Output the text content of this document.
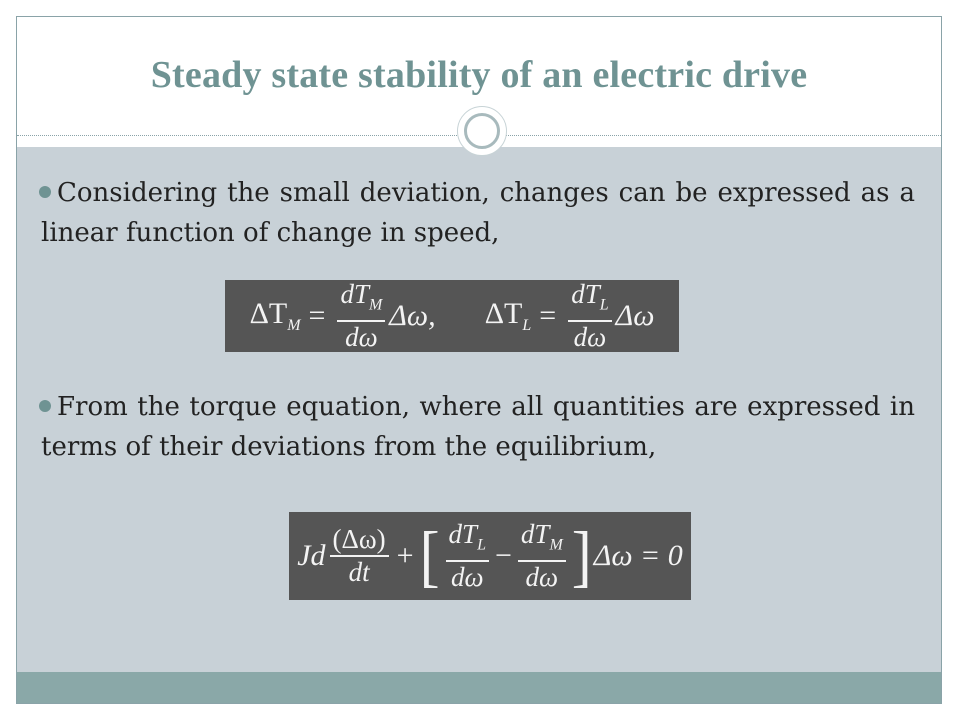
Steady state stability of an electric drive
Considering the small deviation, changes can be expressed as a linear function of change in speed,
$\Delta T_M = \frac{dT_M}{d\omega} \Delta\omega$, $\Delta T_L = \frac{dT_L}{d\omega}$ Δω
From the torque equation, where all quantities are expressed in terms of their deviations from the equilibrium,
Jd $\frac{(\Delta\omega)}{dt}$ + [ $\frac{dT_L}{d\omega} - \frac{dT_M}{d\omega}$ ] Δω = 0
